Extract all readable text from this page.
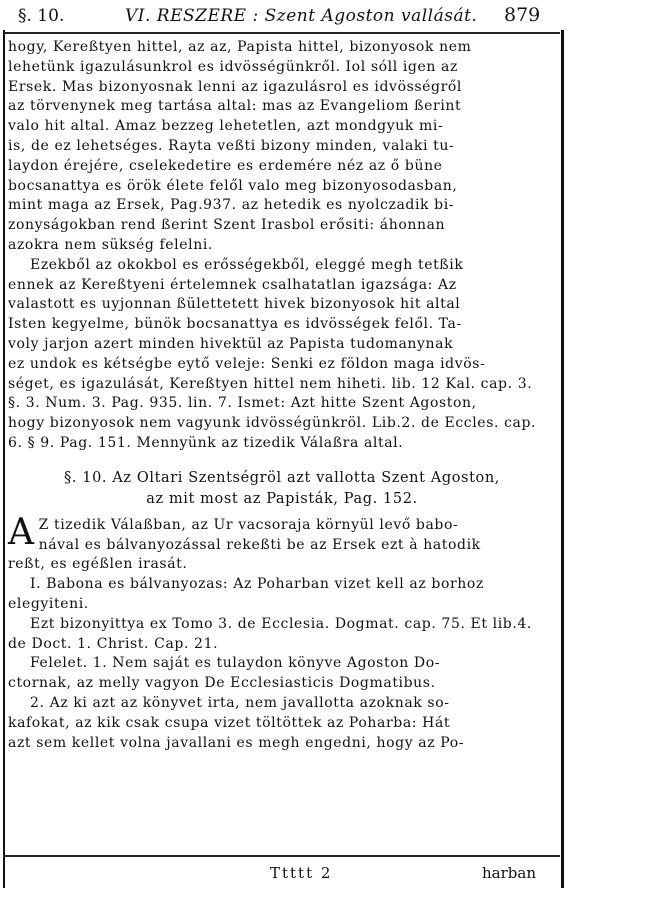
§. 10.	VI. RESZERE : Szent Agoston vallását. 879
hogy, Kereßtyen hittel, az az, Papista hittel, bizonyosok nem
lehetünk igazulásunkrol es idvösségünkről. Iol sóll igen az
Ersek. Mas bizonyosnak lenni az igazulásrol es idvösségről
az törvenynek meg tartása altal: mas az Evangeliom ßerint
valo hit altal. Amaz bezzeg lehetetlen, azt mondgyuk mi-
is, de ez lehetséges. Rayta veßti bizony minden, valaki tu-
laydon érejére, cselekedetire es erdemére néz az ő büne
bocsanattya es örök élete felől valo meg bizonyosodasban,
mint maga az Ersek, Pag.937. az hetedik es nyolczadik bi-
zonyságokban rend ßerint Szent Irasbol erősiti: áhonnan
azokra nem sükség felelni.
Ezekből az okokbol es erősségekből, eleggé megh tetßik
ennek az Kereßtyeni értelemnek csalhatatlan igazsága: Az
valastott es uyjonnan ßülettetett hivek bizonyosok hit altal
Isten kegyelme, bünök bocsanattya es idvösségek felől. Ta-
voly jarjon azert minden hivektül az Papista tudomanynak
ez undok es kétségbe eytő veleje: Senki ez földon maga idvös-
séget, es igazulását, Kereßtyen hittel nem hiheti. lib. 12 Kal. cap. 3.
§. 3. Num. 3. Pag. 935. lin. 7. Ismet: Azt hitte Szent Agoston,
hogy bizonyosok nem vagyunk idvösségünkröl. Lib.2. de Eccles. cap.
6. § 9. Pag. 151. Mennyünk az tizedik Válaßra altal.
§. 10. Az Oltari Szentségröl azt vallotta Szent Agoston,
az mit most az Papisták, Pag. 152.
A Z tizedik Válaßban, az Ur vacsoraja környül levő babo-
nával es bálvanyozással rekeßti be az Ersek ezt à hatodik
reßt, es egéßlen irasát.
I. Babona es bálvanyozas: Az Poharban vizet kell az borhoz
elegyiteni.
Ezt bizonyittya ex Tomo 3. de Ecclesia. Dogmat. cap. 75. Et lib.4.
de Doct. 1. Christ. Cap. 21.
Felelet. 1. Nem saját es tulaydon könyve Agoston Do-
ctornak, az melly vagyon De Ecclesiasticis Dogmatibus.
2. Az ki azt az könyvet irta, nem javallotta azoknak so-
kafokat, az kik csak csupa vizet töltöttek az Poharba: Hát
azt sem kellet volna javallani es megh engedni, hogy az Po-
Ttttt 2	harban
